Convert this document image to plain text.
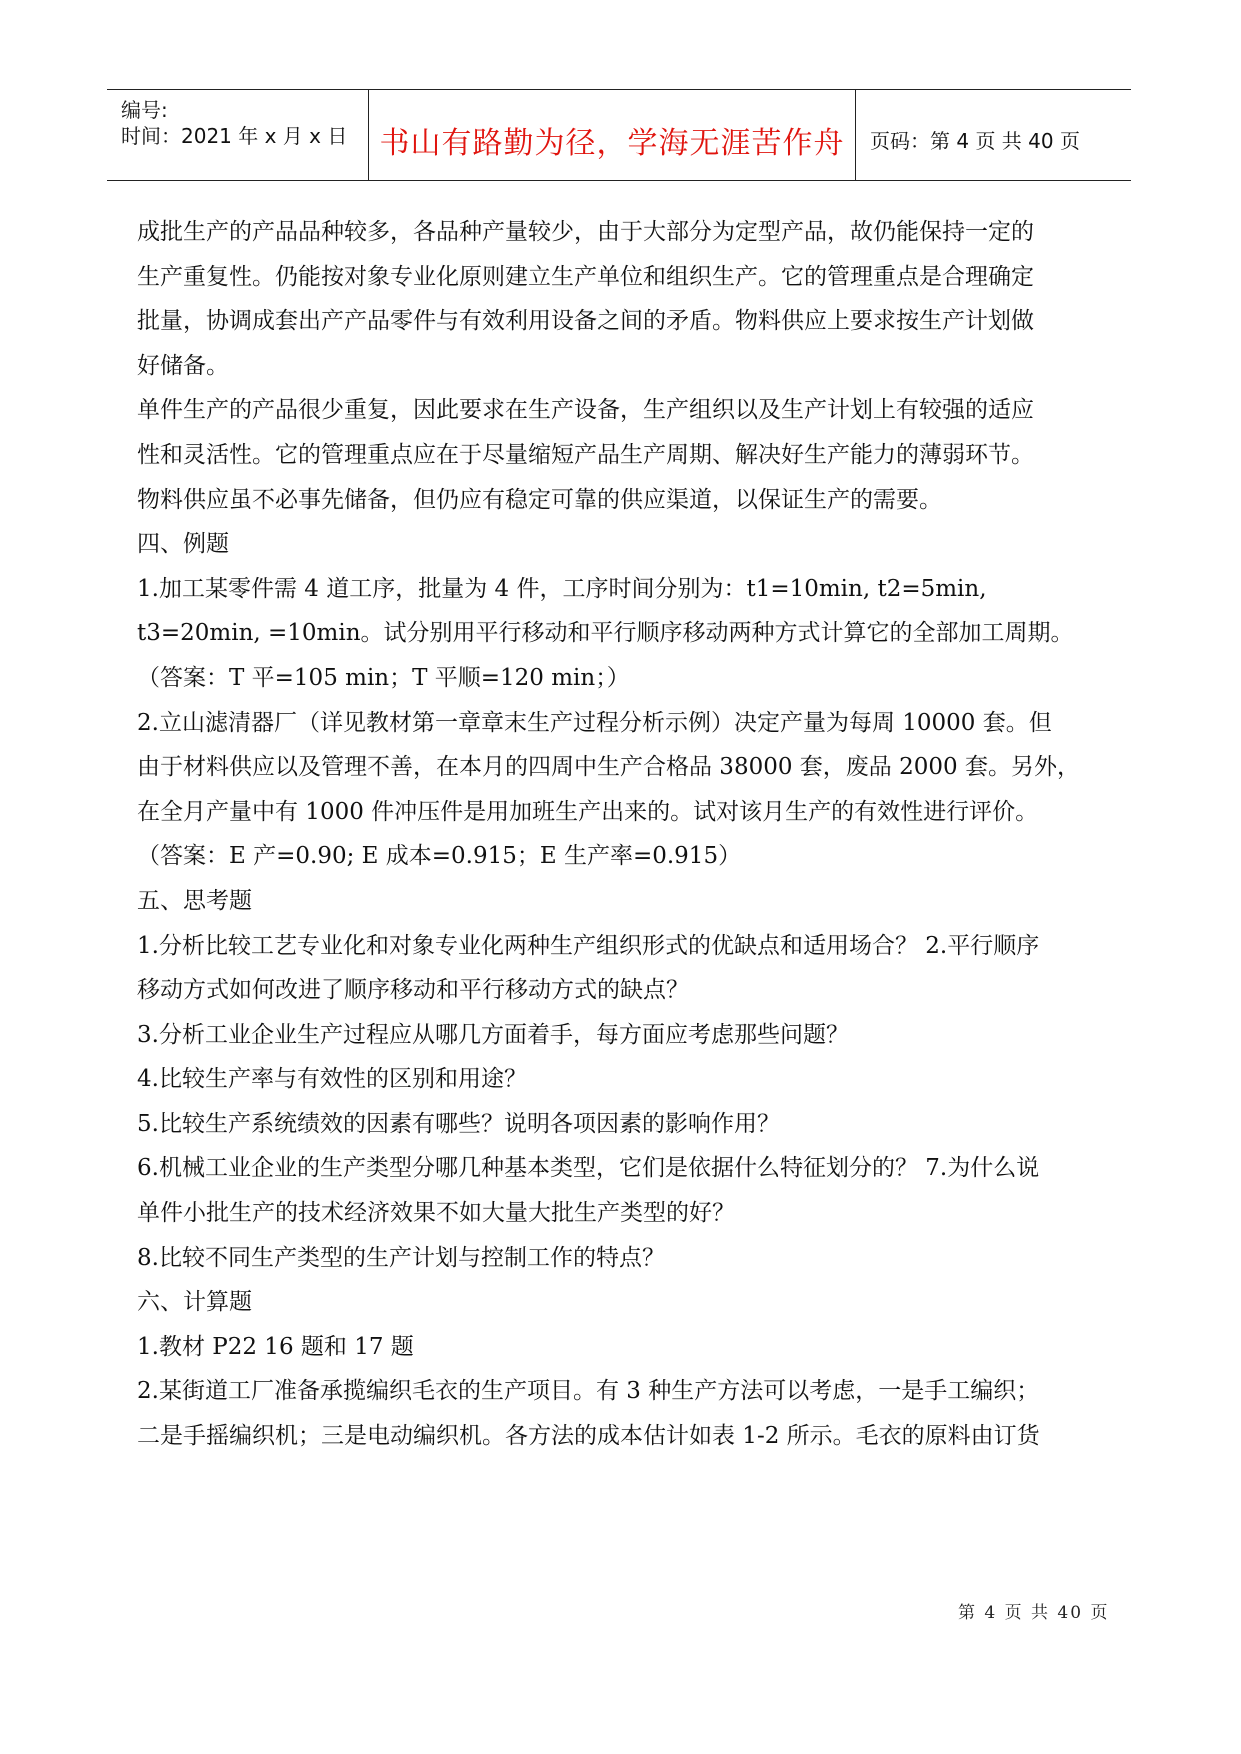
编号:
时间：2021 年 x 月 x 日	书山有路勤为径，学海无涯苦作舟	页码：第 4 页 共 40 页
成批生产的产品品种较多，各品种产量较少，由于大部分为定型产品，故仍能保持一定的
生产重复性。仍能按对象专业化原则建立生产单位和组织生产。它的管理重点是合理确定
批量，协调成套出产产品零件与有效利用设备之间的矛盾。物料供应上要求按生产计划做
好储备。
单件生产的产品很少重复，因此要求在生产设备，生产组织以及生产计划上有较强的适应
性和灵活性。它的管理重点应在于尽量缩短产品生产周期、解决好生产能力的薄弱环节。
物料供应虽不必事先储备，但仍应有稳定可靠的供应渠道，以保证生产的需要。
四、例题
1.加工某零件需 4 道工序，批量为 4 件，工序时间分别为：t1=10min, t2=5min,
t3=20min, =10min。试分别用平行移动和平行顺序移动两种方式计算它的全部加工周期。
（答案：T 平=105 min；T 平顺=120 min；）
2.立山滤清器厂（详见教材第一章章末生产过程分析示例）决定产量为每周 10000 套。但
由于材料供应以及管理不善，在本月的四周中生产合格品 38000 套，废品 2000 套。另外，
在全月产量中有 1000 件冲压件是用加班生产出来的。试对该月生产的有效性进行评价。
（答案：E 产=0.90; E 成本=0.915；E 生产率=0.915）
五、思考题
1.分析比较工艺专业化和对象专业化两种生产组织形式的优缺点和适用场合？ 2.平行顺序
移动方式如何改进了顺序移动和平行移动方式的缺点？
3.分析工业企业生产过程应从哪几方面着手，每方面应考虑那些问题？
4.比较生产率与有效性的区别和用途？
5.比较生产系统绩效的因素有哪些？说明各项因素的影响作用？
6.机械工业企业的生产类型分哪几种基本类型，它们是依据什么特征划分的？ 7.为什么说
单件小批生产的技术经济效果不如大量大批生产类型的好？
8.比较不同生产类型的生产计划与控制工作的特点？
六、计算题
1.教材 P22 16 题和 17 题
2.某街道工厂准备承揽编织毛衣的生产项目。有 3 种生产方法可以考虑，一是手工编织；
二是手摇编织机；三是电动编织机。各方法的成本估计如表 1-2 所示。毛衣的原料由订货
第 4 页 共 40 页
